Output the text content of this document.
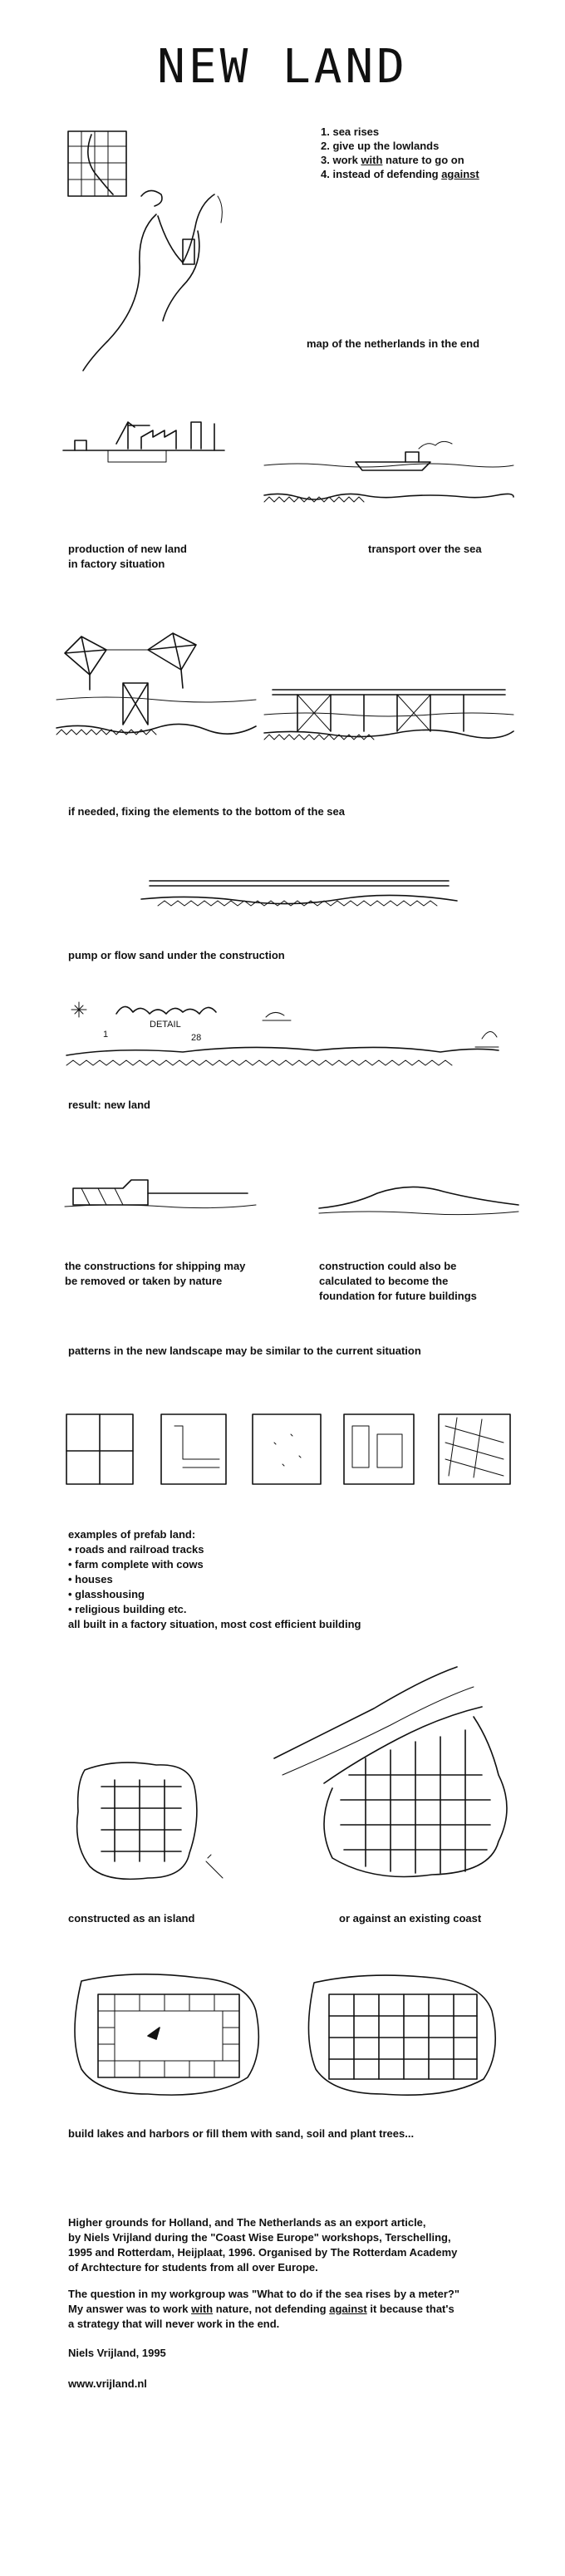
NEW LAND
1. sea rises
2. give up the lowlands
3. work with nature to go on
4. instead of defending against
map of the netherlands in the end
production of new land
in factory situation
transport over the sea
if needed, fixing the elements to the bottom of the sea
pump or flow sand under the construction
1
DETAIL
28
result: new land
the constructions for shipping may
be removed or taken by nature
construction could also be
calculated to become the
foundation for future buildings
patterns in the new landscape may be similar to the current situation
examples of prefab land:
• roads and railroad tracks
• farm complete with cows
• houses
• glasshousing
• religious building etc.
all built in a factory situation, most cost efficient building
constructed as an island	or against an existing coast
build lakes and harbors or fill them with sand, soil and plant trees...
Higher grounds for Holland, and The Netherlands as an export article,
by Niels Vrijland during the "Coast Wise Europe" workshops, Terschelling,
1995 and Rotterdam, Heijplaat, 1996. Organised by The Rotterdam Academy
of Archtecture for students from all over Europe.
The question in my workgroup was "What to do if the sea rises by a meter?"
My answer was to work with nature, not defending against it because that's
a strategy that will never work in the end.
Niels Vrijland, 1995
www.vrijland.nl
